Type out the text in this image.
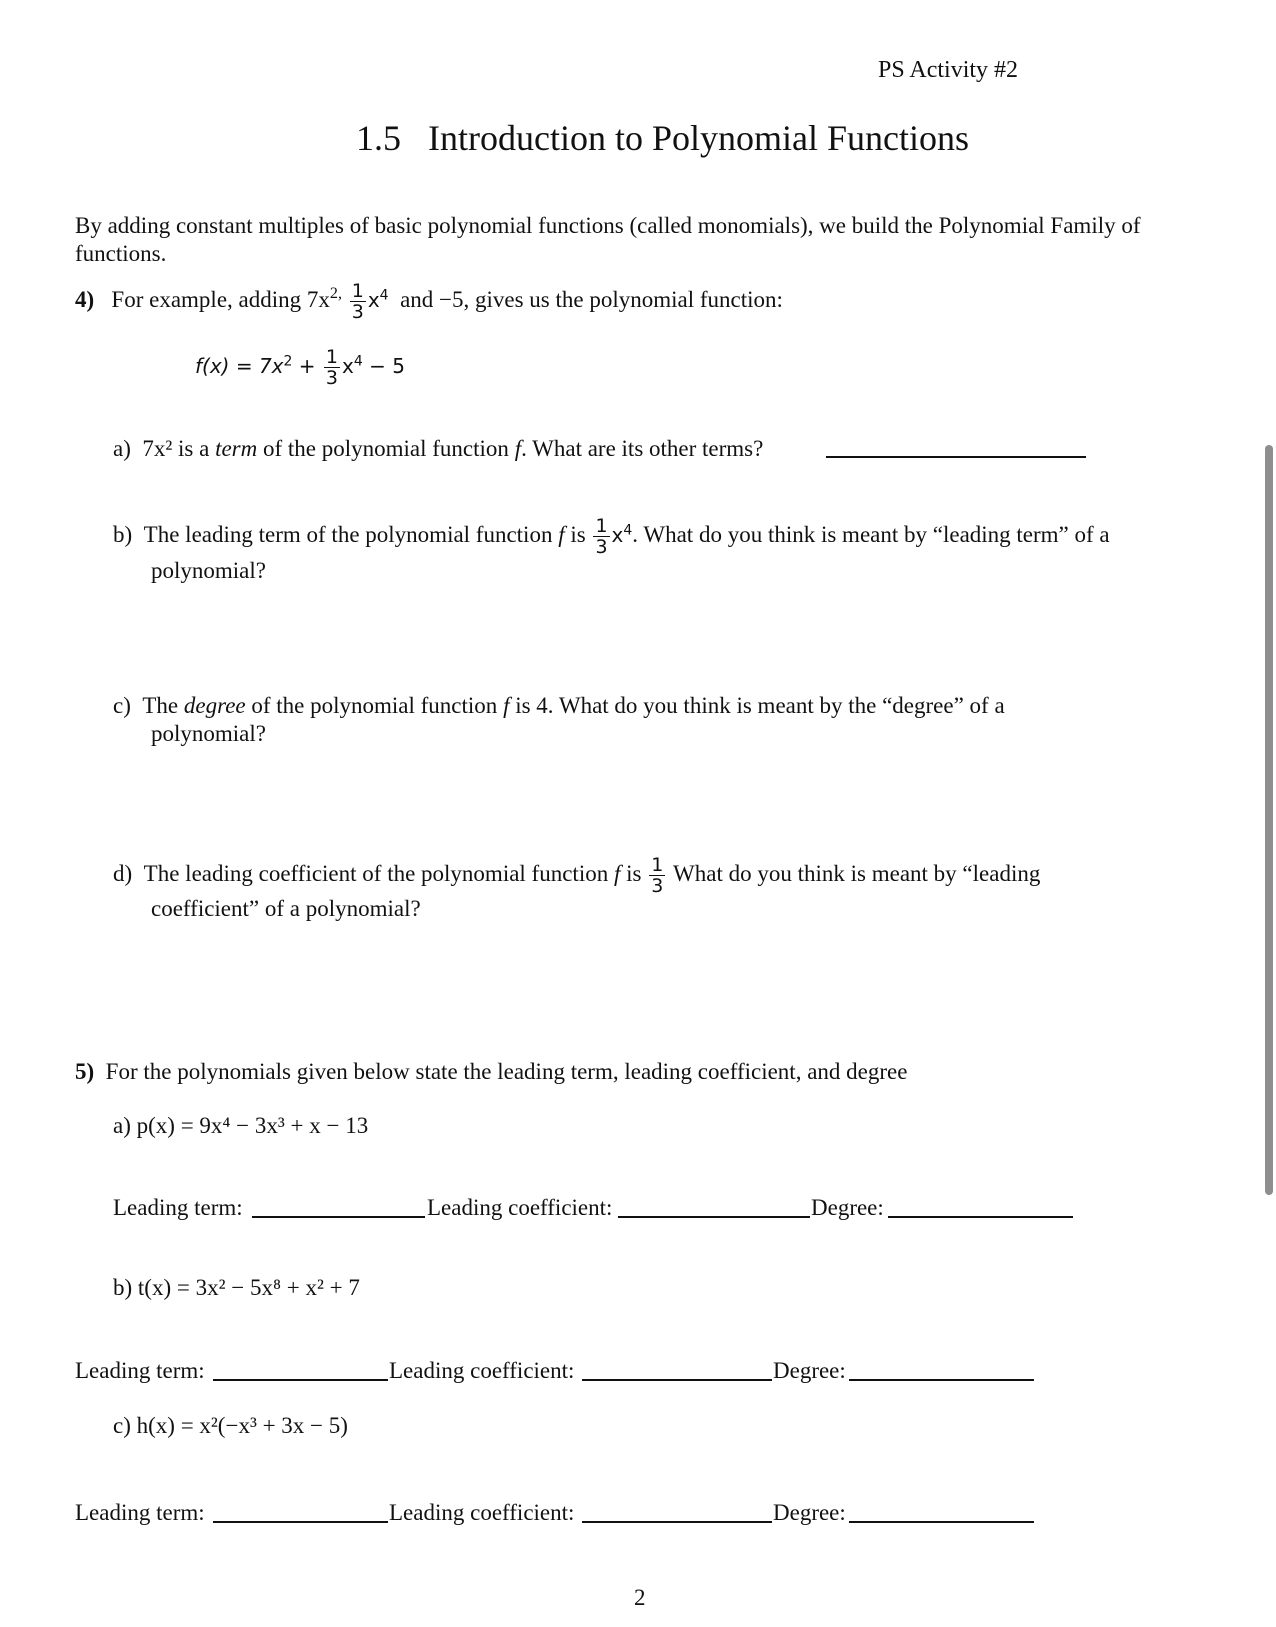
PS Activity #2
1.5 Introduction to Polynomial Functions
By adding constant multiples of basic polynomial functions (called monomials), we build the Polynomial Family of functions.
4) For example, adding $7x^{2,} \frac{1}{3} x^4$ and −5, gives us the polynomial function:
$f(x) = 7x^2 + \frac{1}{3} x^4 - 5$
a) 7x² is a term of the polynomial function f. What are its other terms?
b) The leading term of the polynomial function f is $\frac{1}{3} x^4$. What do you think is meant by “leading term” of a
polynomial?
c) The degree of the polynomial function f is 4. What do you think is meant by the “degree” of a
polynomial?
d) The leading coefficient of the polynomial function f is $\frac{1}{3}$ What do you think is meant by “leading
coefficient” of a polynomial?
5) For the polynomials given below state the leading term, leading coefficient, and degree
a) p(x) = 9x⁴ − 3x³ + x − 13
Leading term:	Leading coefficient:	Degree:
b) t(x) = 3x² − 5x⁸ + x² + 7
Leading term:	Leading coefficient:	Degree:
c) h(x) = x²(−x³ + 3x − 5)
Leading term:	Leading coefficient:	Degree:
2
